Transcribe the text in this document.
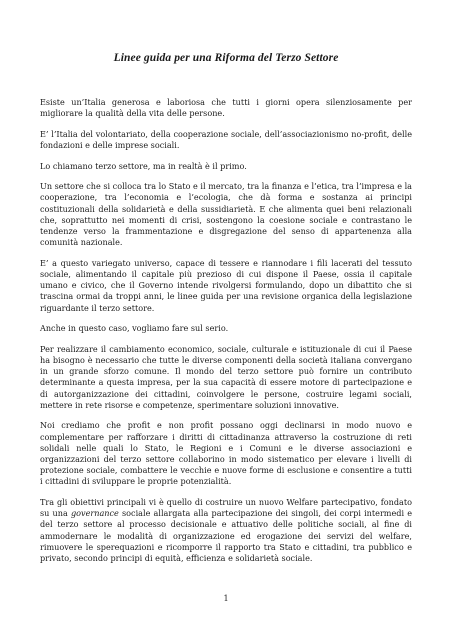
Linee guida per una Riforma del Terzo Settore

Esiste un’Italia generosa e laboriosa che tutti i giorni opera silenziosamente per migliorare la qualità della vita delle persone.

E’ l’Italia del volontariato, della cooperazione sociale, dell’associazionismo no-profit, delle fondazioni e delle imprese sociali.

Lo chiamano terzo settore, ma in realtà è il primo.

Un settore che si colloca tra lo Stato e il mercato, tra la finanza e l’etica, tra l’impresa e la cooperazione, tra l’economia e l’ecologia, che dà forma e sostanza ai principi costituzionali della solidarietà e della sussidiarietà. E che alimenta quei beni relazionali che, soprattutto nei momenti di crisi, sostengono la coesione sociale e contrastano le tendenze verso la frammentazione e disgregazione del senso di appartenenza alla comunità nazionale.

E’ a questo variegato universo, capace di tessere e riannodare i fili lacerati del tessuto sociale, alimentando il capitale più prezioso di cui dispone il Paese, ossia il capitale umano e civico, che il Governo intende rivolgersi formulando, dopo un dibattito che si trascina ormai da troppi anni, le linee guida per una revisione organica della legislazione riguardante il terzo settore.

Anche in questo caso, vogliamo fare sul serio.

Per realizzare il cambiamento economico, sociale, culturale e istituzionale di cui il Paese ha bisogno è necessario che tutte le diverse componenti della società italiana convergano in un grande sforzo comune. Il mondo del terzo settore può fornire un contributo determinante a questa impresa, per la sua capacità di essere motore di partecipazione e di autorganizzazione dei cittadini, coinvolgere le persone, costruire legami sociali, mettere in rete risorse e competenze, sperimentare soluzioni innovative.

Noi crediamo che profit e non profit possano oggi declinarsi in modo nuovo e complementare per rafforzare i diritti di cittadinanza attraverso la costruzione di reti solidali nelle quali lo Stato, le Regioni e i Comuni e le diverse associazioni e organizzazioni del terzo settore collaborino in modo sistematico per elevare i livelli di protezione sociale, combattere le vecchie e nuove forme di esclusione e consentire a tutti i cittadini di sviluppare le proprie potenzialità.

Tra gli obiettivi principali vi è quello di costruire un nuovo Welfare partecipativo, fondato su una governance sociale allargata alla partecipazione dei singoli, dei corpi intermedi e del terzo settore al processo decisionale e attuativo delle politiche sociali, al fine di ammodernare le modalità di organizzazione ed erogazione dei servizi del welfare, rimuovere le sperequazioni e ricomporre il rapporto tra Stato e cittadini, tra pubblico e privato, secondo principi di equità, efficienza e solidarietà sociale.

1
